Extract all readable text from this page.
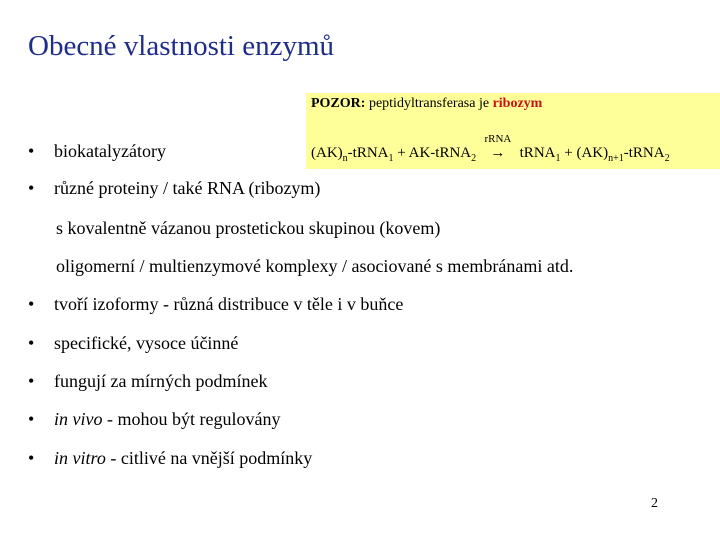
Obecné vlastnosti enzymů
POZOR: peptidyltransferasa je ribozym
$(AK)_n-tRNA_1$ + AK-tRNA$_2$
rRNA
→ tRNA$_1$ + $(AK)_{n+1}-tRNA_2$
• biokatalyzátory
• různé proteiny / také RNA (ribozym)
s kovalentně vázanou prostetickou skupinou (kovem)
oligomerní / multienzymové komplexy / asociované s membránami atd.
• tvoří izoformy - různá distribuce v těle i v buňce
• specifické, vysoce účinné
• fungují za mírných podmínek
• in vivo - mohou být regulovány
• in vitro - citlivé na vnější podmínky
2
